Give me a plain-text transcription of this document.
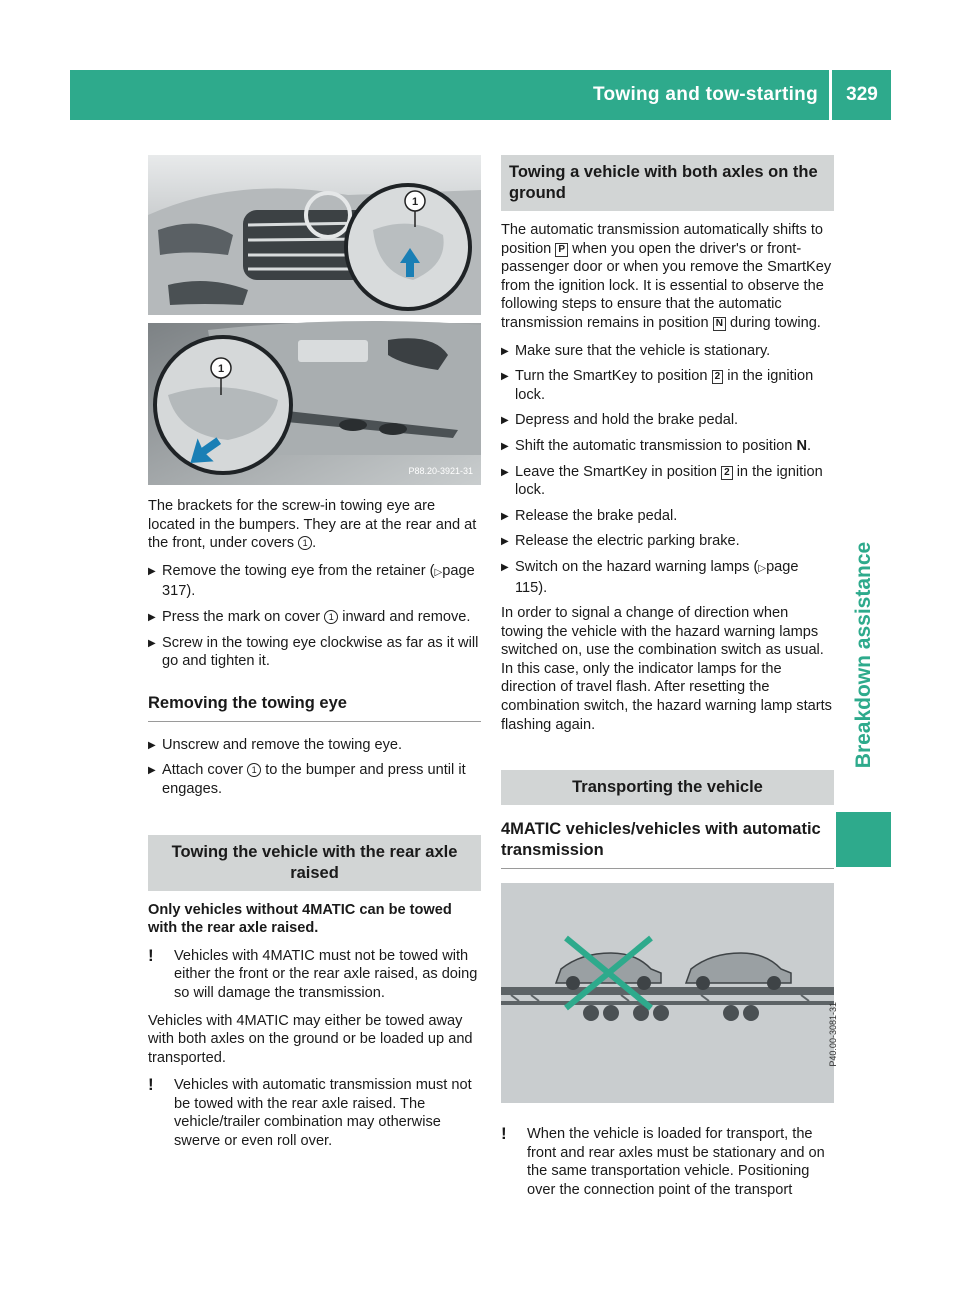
Towing and tow-starting	329
Breakdown assistance
1
1
P88.20-3921-31

The brackets for the screw-in towing eye are located in the bumpers. They are at the rear and at the front, under covers 1 .

▶ Remove the towing eye from the retainer (▷page 317).
▶ Press the mark on cover 1 inward and remove.
▶ Screw in the towing eye clockwise as far as it will go and tighten it.
Removing the towing eye
▶ Unscrew and remove the towing eye.
▶ Attach cover 1 to the bumper and press until it engages.
Towing the vehicle with the rear axle raised

Only vehicles without 4MATIC can be towed with the rear axle raised.

! Vehicles with 4MATIC must not be towed with either the front or the rear axle raised, as doing so will damage the transmission.

Vehicles with 4MATIC may either be towed away with both axles on the ground or be loaded up and transported.

! Vehicles with automatic transmission must not be towed with the rear axle raised. The vehicle/trailer combination may otherwise swerve or even roll over.
Towing a vehicle with both axles on the ground

The automatic transmission automatically shifts to position P when you open the driver's or front-passenger door or when you remove the SmartKey from the ignition lock. It is essential to observe the following steps to ensure that the automatic transmission remains in position N during towing.

▶ Make sure that the vehicle is stationary.
▶ Turn the SmartKey to position 2 in the ignition lock.
▶ Depress and hold the brake pedal.
▶ Shift the automatic transmission to position N.
▶ Leave the SmartKey in position 2 in the ignition lock.
▶ Release the brake pedal.
▶ Release the electric parking brake.
▶ Switch on the hazard warning lamps (▷page 115).

In order to signal a change of direction when towing the vehicle with the hazard warning lamps switched on, use the combination switch as usual. In this case, only the indicator lamps for the direction of travel flash. After resetting the combination switch, the hazard warning lamp starts flashing again.

Transporting the vehicle
4MATIC vehicles/vehicles with automatic transmission
P40.00-3081-31
! When the vehicle is loaded for transport, the front and rear axles must be stationary and on the same transportation vehicle. Positioning over the connection point of the transport
